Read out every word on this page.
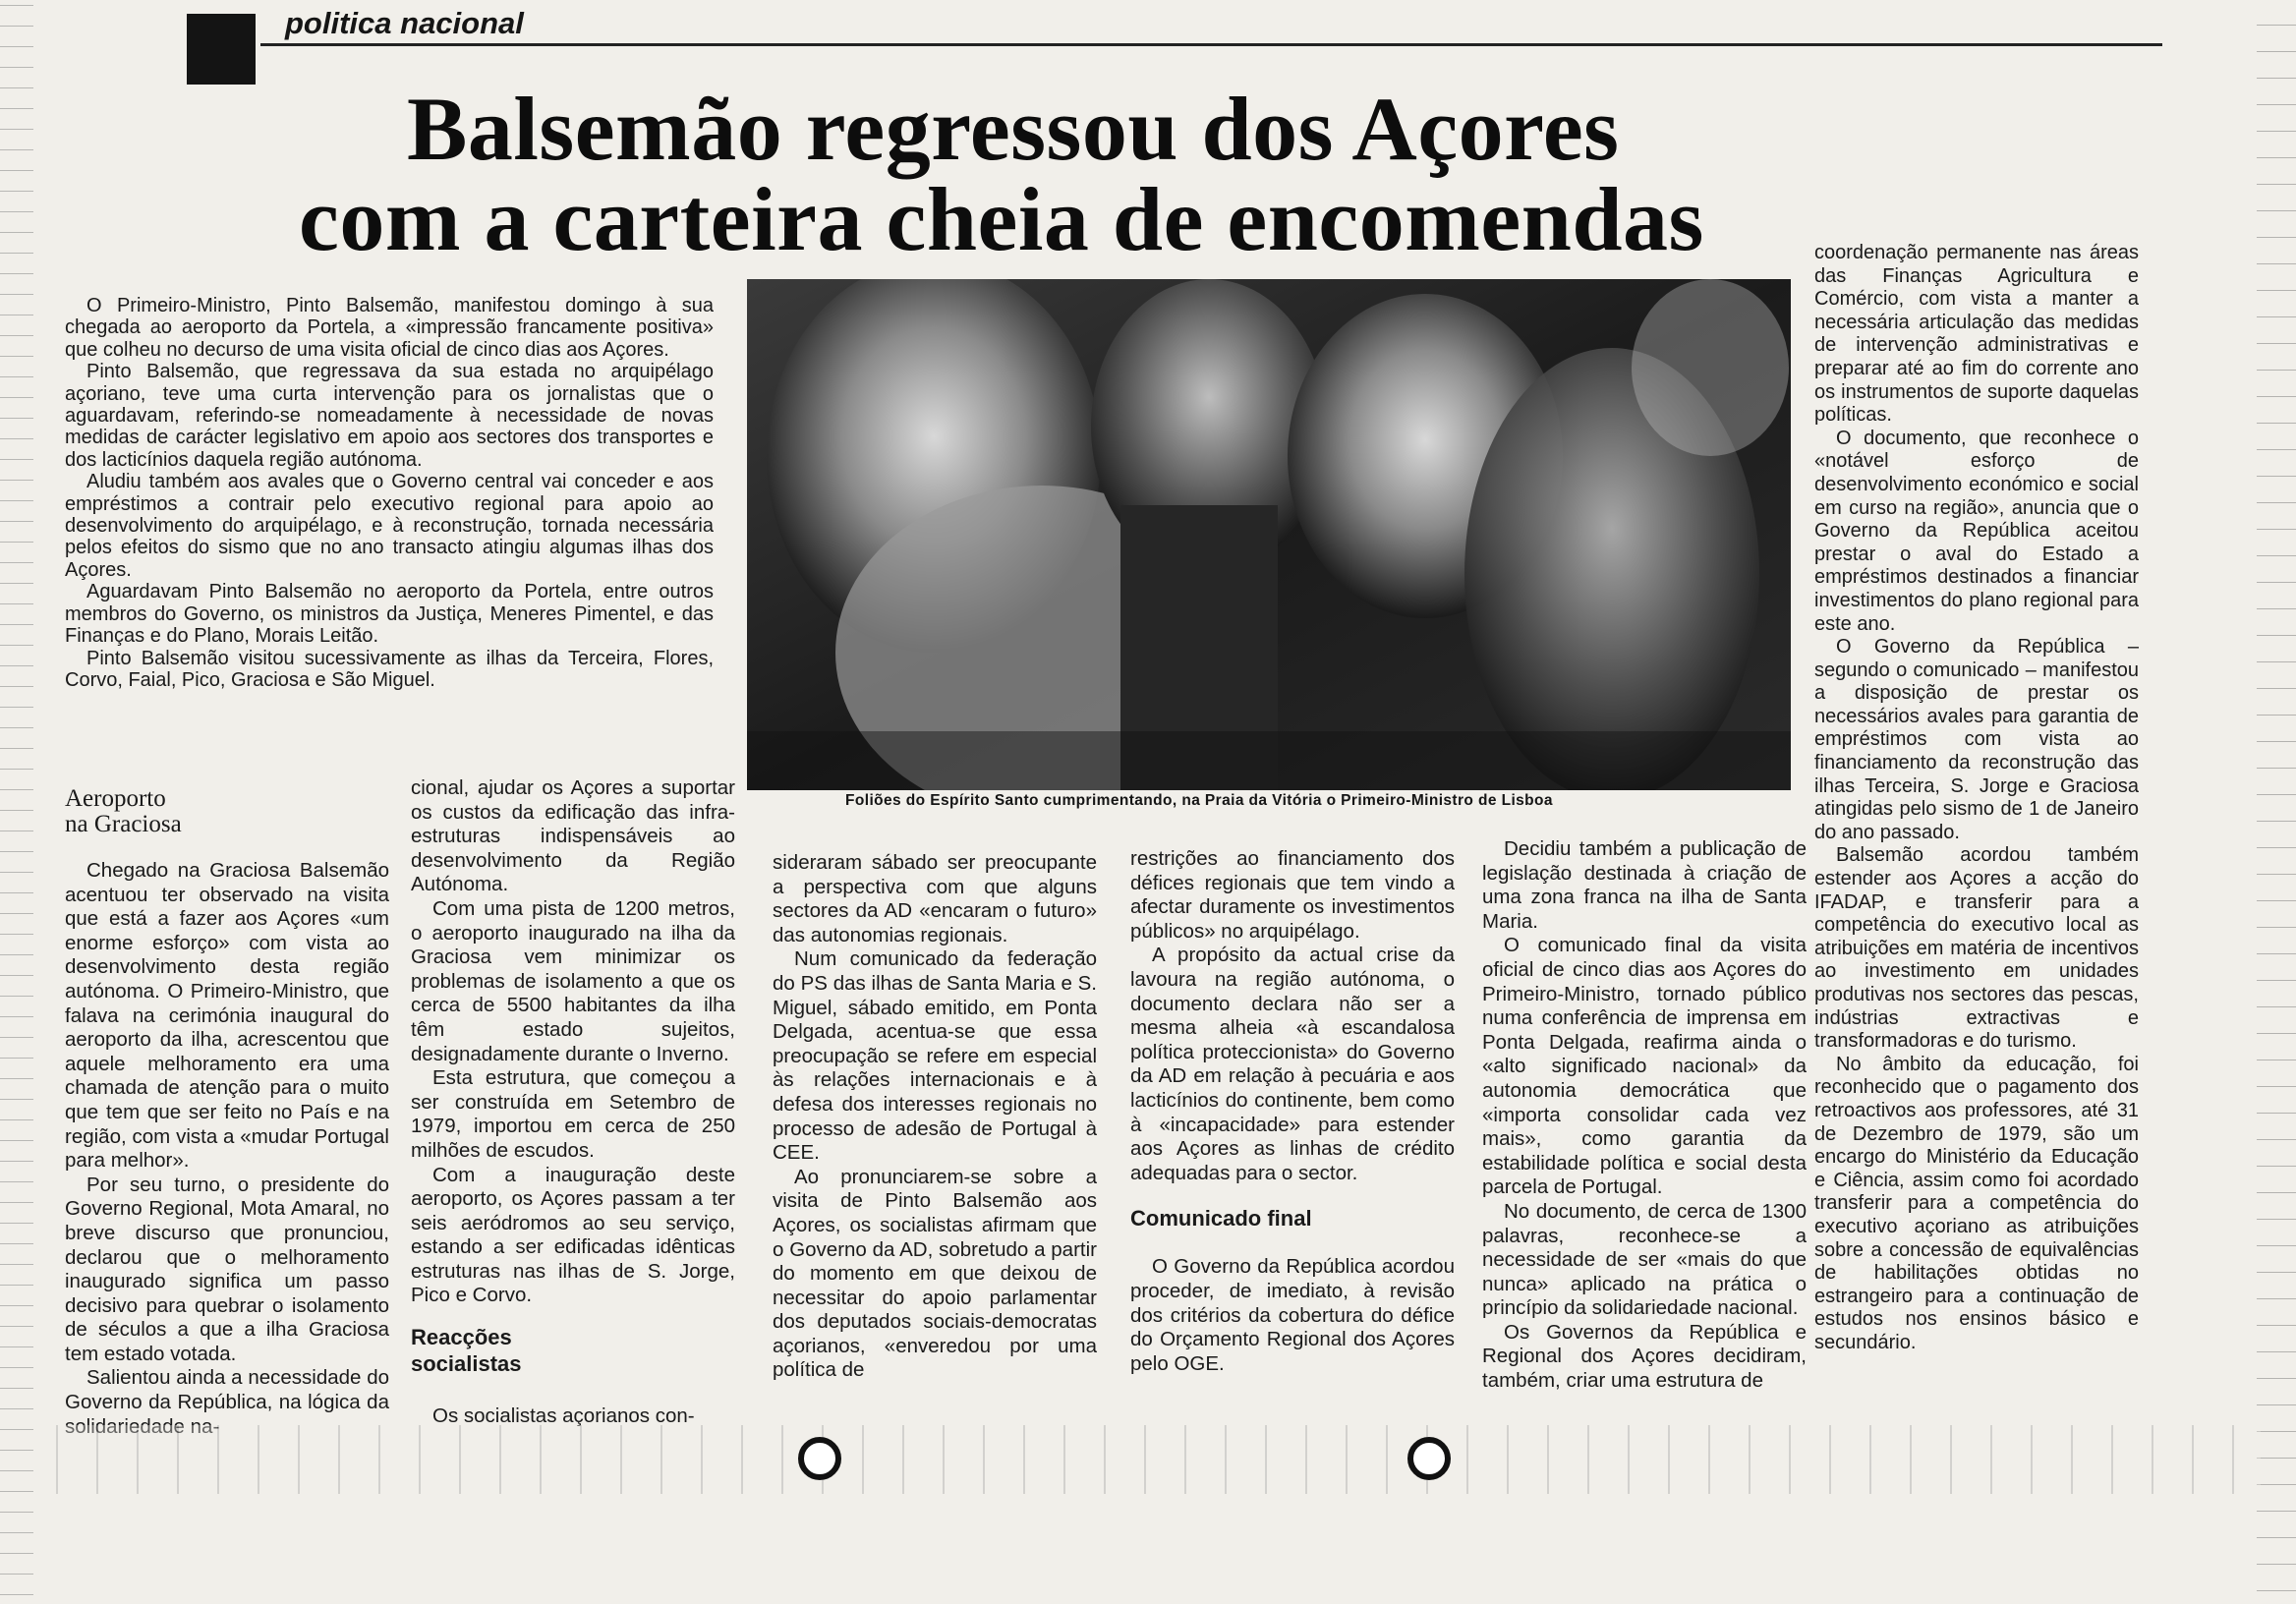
politica nacional
Balsemão regressou dos Açores
com a carteira cheia de encomendas

O Primeiro-Ministro, Pinto Balsemão, manifestou domingo à sua chegada ao aeroporto da Portela, a «impressão francamente positiva» que colheu no decurso de uma visita oficial de cinco dias aos Açores.

Pinto Balsemão, que regressava da sua estada no arquipélago açoriano, teve uma curta intervenção para os jornalistas que o aguardavam, referindo-se nomeadamente à necessidade de novas medidas de carácter legislativo em apoio aos sectores dos transportes e dos lacticínios daquela região autónoma.

Aludiu também aos avales que o Governo central vai conceder e aos empréstimos a contrair pelo executivo regional para apoio ao desenvolvimento do arquipélago, e à reconstrução, tornada necessária pelos efeitos do sismo que no ano transacto atingiu algumas ilhas dos Açores.

Aguardavam Pinto Balsemão no aeroporto da Portela, entre outros membros do Governo, os ministros da Justiça, Meneres Pimentel, e das Finanças e do Plano, Morais Leitão.

Pinto Balsemão visitou sucessivamente as ilhas da Terceira, Flores, Corvo, Faial, Pico, Graciosa e São Miguel.

Foliões do Espírito Santo cumprimentando, na Praia da Vitória o Primeiro-Ministro de Lisboa
Aeroporto
na Graciosa

Chegado na Graciosa Balsemão acentuou ter observado na visita que está a fazer aos Açores «um enorme esforço» com vista ao desenvolvimento desta região autónoma. O Primeiro-Ministro, que falava na cerimónia inaugural do aeroporto da ilha, acrescentou que aquele melhoramento era uma chamada de atenção para o muito que tem que ser feito no País e na região, com vista a «mudar Portugal para melhor».

Por seu turno, o presidente do Governo Regional, Mota Amaral, no breve discurso que pronunciou, declarou que o melhoramento inaugurado significa um passo decisivo para quebrar o isolamento de séculos a que a ilha Graciosa tem estado votada.

Salientou ainda a necessidade do Governo da República, na lógica da solidariedade na-

cional, ajudar os Açores a suportar os custos da edificação das infra-estruturas indispensáveis ao desenvolvimento da Região Autónoma.

Com uma pista de 1200 metros, o aeroporto inaugurado na ilha da Graciosa vem minimizar os problemas de isolamento a que os cerca de 5500 habitantes da ilha têm estado sujeitos, designadamente durante o Inverno.

Esta estrutura, que começou a ser construída em Setembro de 1979, importou em cerca de 250 milhões de escudos.

Com a inauguração deste aeroporto, os Açores passam a ter seis aeródromos ao seu serviço, estando a ser edificadas idênticas estruturas nas ilhas de S. Jorge, Pico e Corvo.

Reacções
socialistas

Os socialistas açorianos con-

sideraram sábado ser preocupante a perspectiva com que alguns sectores da AD «encaram o futuro» das autonomias regionais.

Num comunicado da federação do PS das ilhas de Santa Maria e S. Miguel, sábado emitido, em Ponta Delgada, acentua-se que essa preocupação se refere em especial às relações internacionais e à defesa dos interesses regionais no processo de adesão de Portugal à CEE.

Ao pronunciarem-se sobre a visita de Pinto Balsemão aos Açores, os socialistas afirmam que o Governo da AD, sobretudo a partir do momento em que deixou de necessitar do apoio parlamentar dos deputados sociais-democratas açorianos, «enveredou por uma política de

restrições ao financiamento dos défices regionais que tem vindo a afectar duramente os investimentos públicos» no arquipélago.

A propósito da actual crise da lavoura na região autónoma, o documento declara não ser a mesma alheia «à escandalosa política proteccionista» do Governo da AD em relação à pecuária e aos lacticínios do continente, bem como à «incapacidade» para estender aos Açores as linhas de crédito adequadas para o sector.

Comunicado final

O Governo da República acordou proceder, de imediato, à revisão dos critérios da cobertura do défice do Orçamento Regional dos Açores pelo OGE.

Decidiu também a publicação de legislação destinada à criação de uma zona franca na ilha de Santa Maria.

O comunicado final da visita oficial de cinco dias aos Açores do Primeiro-Ministro, tornado público numa conferência de imprensa em Ponta Delgada, reafirma ainda o «alto significado nacional» da autonomia democrática que «importa consolidar cada vez mais», como garantia da estabilidade política e social desta parcela de Portugal.

No documento, de cerca de 1300 palavras, reconhece-se a necessidade de ser «mais do que nunca» aplicado na prática o princípio da solidariedade nacional.

Os Governos da República e Regional dos Açores decidiram, também, criar uma estrutura de

coordenação permanente nas áreas das Finanças Agricultura e Comércio, com vista a manter a necessária articulação das medidas de intervenção administrativas e preparar até ao fim do corrente ano os instrumentos de suporte daquelas políticas.

O documento, que reconhece o «notável esforço de desenvolvimento económico e social em curso na região», anuncia que o Governo da República aceitou prestar o aval do Estado a empréstimos destinados a financiar investimentos do plano regional para este ano.

O Governo da República – segundo o comunicado – manifestou a disposição de prestar os necessários avales para garantia de empréstimos com vista ao financiamento da reconstrução das ilhas Terceira, S. Jorge e Graciosa atingidas pelo sismo de 1 de Janeiro do ano passado.

Balsemão acordou também estender aos Açores a acção do IFADAP, e transferir para a competência do executivo local as atribuições em matéria de incentivos ao investimento em unidades produtivas nos sectores das pescas, indústrias extractivas e transformadoras e do turismo.

No âmbito da educação, foi reconhecido que o pagamento dos retroactivos aos professores, até 31 de Dezembro de 1979, são um encargo do Ministério da Educação e Ciência, assim como foi acordado transferir para a competência do executivo açoriano as atribuições sobre a concessão de equivalências de habilitações obtidas no estrangeiro para a continuação de estudos nos ensinos básico e secundário.
